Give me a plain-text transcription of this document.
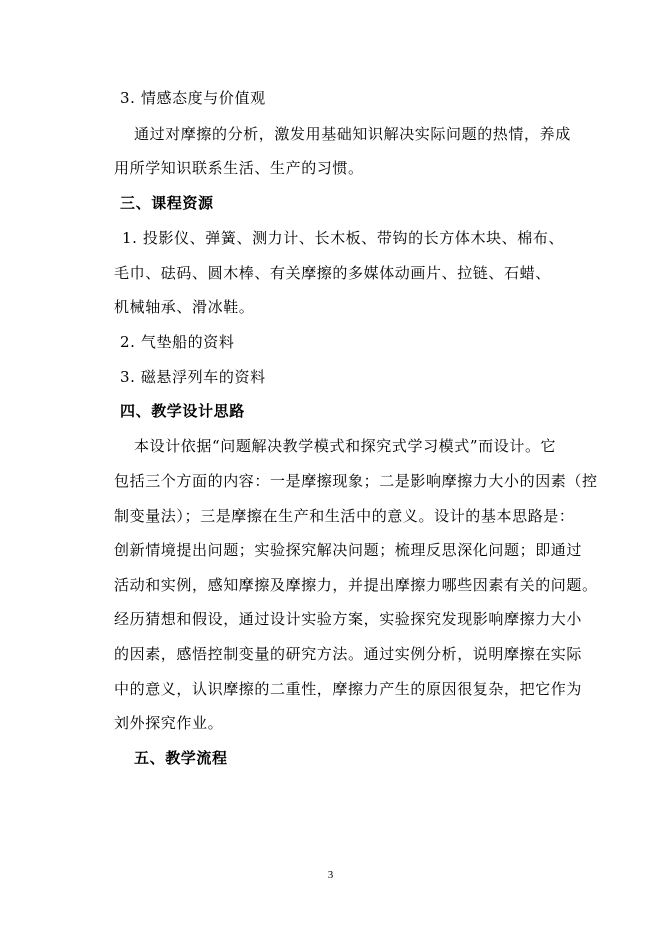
3. 情感态度与价值观
通过对摩擦的分析，激发用基础知识解决实际问题的热情，养成
用所学知识联系生活、生产的习惯。
三、课程资源
1. 投影仪、弹簧、测力计、长木板、带钩的长方体木块、棉布、
毛巾、砝码、圆木棒、有关摩擦的多媒体动画片、拉链、石蜡、
机械轴承、滑冰鞋。
2. 气垫船的资料
3. 磁悬浮列车的资料
四、教学设计思路
本设计依据“问题解决教学模式和探究式学习模式”而设计。它
包括三个方面的内容：一是摩擦现象；二是影响摩擦力大小的因素（控
制变量法）；三是摩擦在生产和生活中的意义。设计的基本思路是：
创新情境提出问题；实验探究解决问题；梳理反思深化问题；即通过
活动和实例，感知摩擦及摩擦力，并提出摩擦力哪些因素有关的问题。
经历猜想和假设，通过设计实验方案，实验探究发现影响摩擦力大小
的因素，感悟控制变量的研究方法。通过实例分析，说明摩擦在实际
中的意义，认识摩擦的二重性，摩擦力产生的原因很复杂，把它作为
刘外探究作业。
五、教学流程
3
